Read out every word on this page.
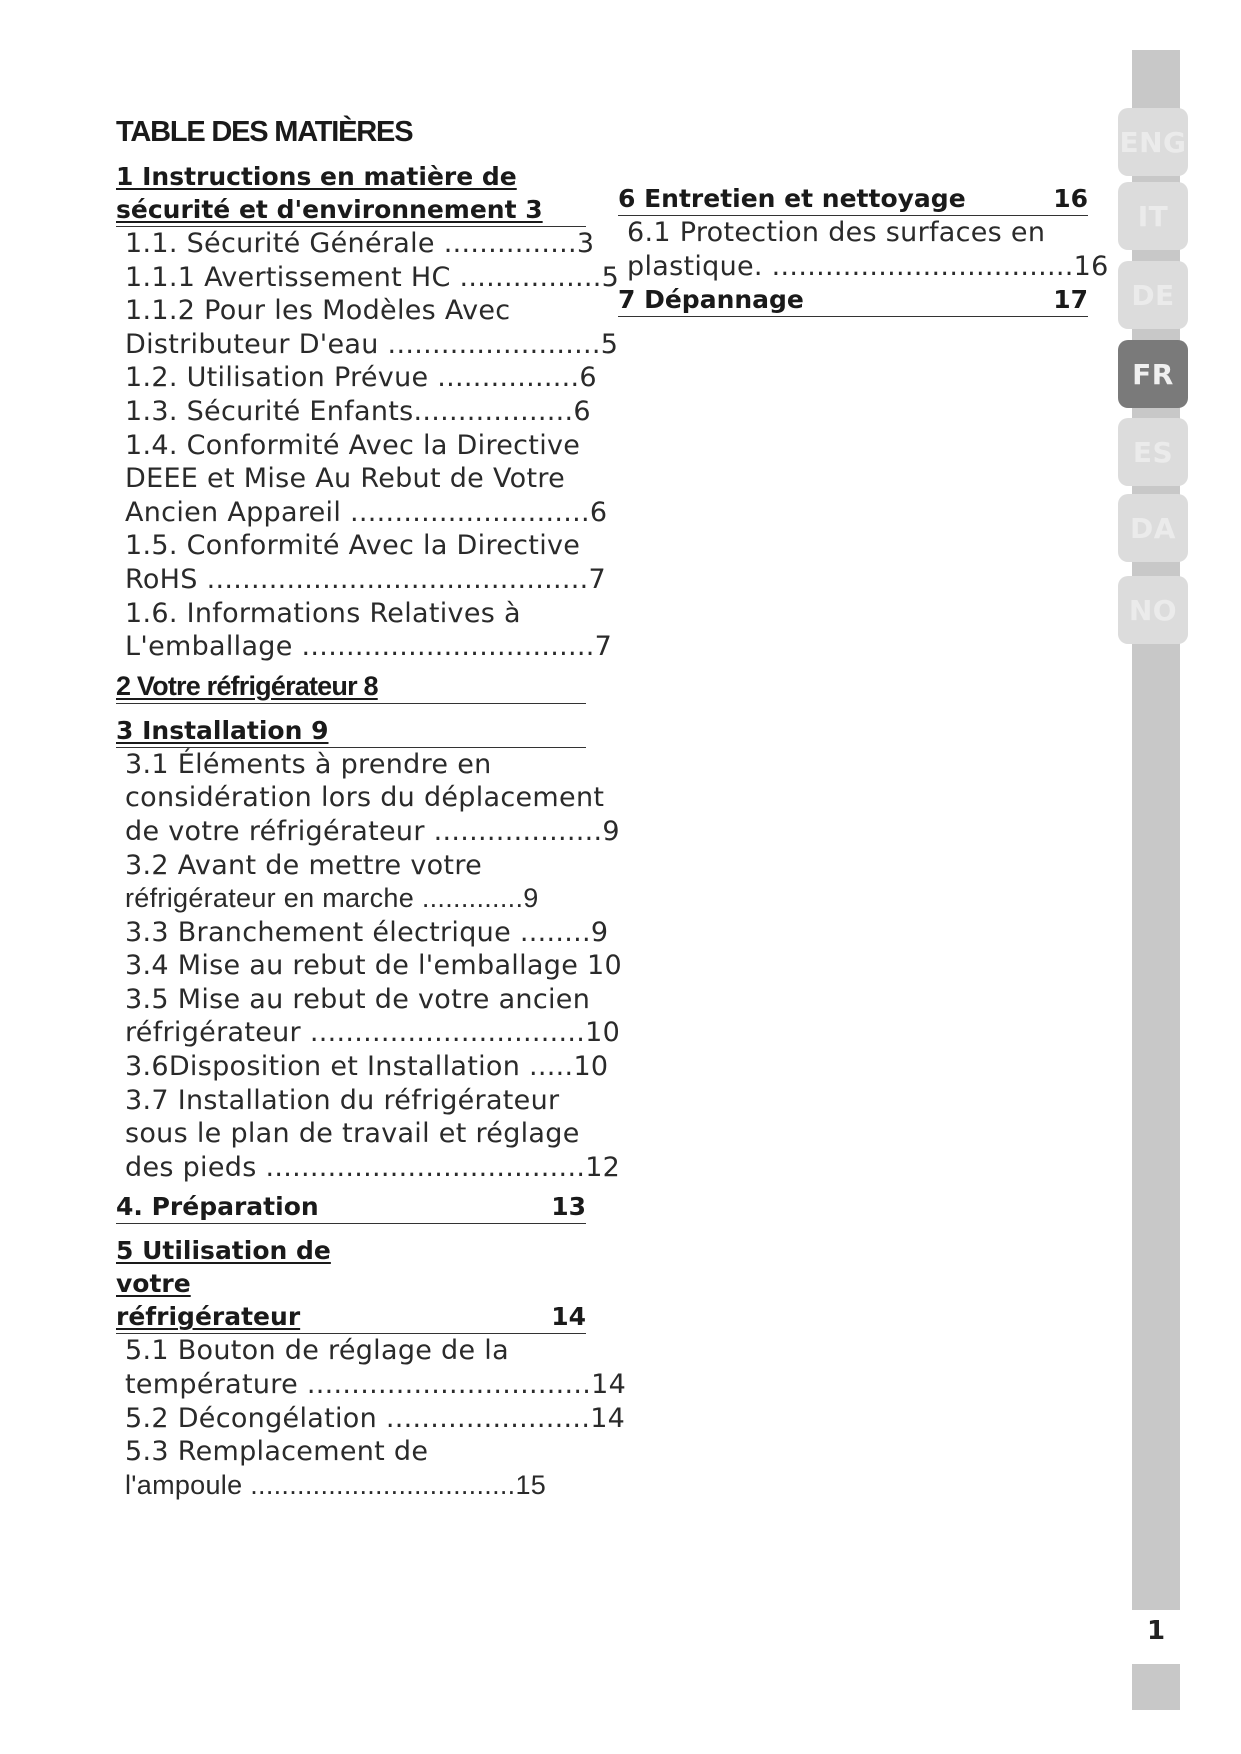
TABLE DES MATIÈRES
1 Instructions en matière de
sécurité et d'environnement 3
1.1. Sécurité Générale ...............3
1.1.1 Avertissement HC ................5
1.1.2 Pour les Modèles Avec
Distributeur D'eau ........................5
1.2. Utilisation Prévue ................6
1.3. Sécurité Enfants..................6
1.4. Conformité Avec la Directive
DEEE et Mise Au Rebut de Votre
Ancien Appareil ...........................6
1.5. Conformité Avec la Directive
RoHS ...........................................7
1.6. Informations Relatives à
L'emballage .................................7
2 Votre réfrigérateur 8
3 Installation 9
3.1 Éléments à prendre en
considération lors du déplacement
de votre réfrigérateur ...................9
3.2 Avant de mettre votre
réfrigérateur en marche .............9
3.3 Branchement électrique ........9
3.4 Mise au rebut de l'emballage 10
3.5 Mise au rebut de votre ancien
réfrigérateur ...............................10
3.6Disposition et Installation .....10
3.7 Installation du réfrigérateur
sous le plan de travail et réglage
des pieds ....................................12
4. Préparation	13
5 Utilisation de votre
réfrigérateur	14
5.1 Bouton de réglage de la
température ................................14
5.2 Décongélation .......................14
5.3 Remplacement de
l'ampoule ..................................15
6 Entretien et nettoyage	16
6.1 Protection des surfaces en
plastique. ..................................16
7 Dépannage	17
ENG
IT
DE
FR
ES
DA
NO
1
